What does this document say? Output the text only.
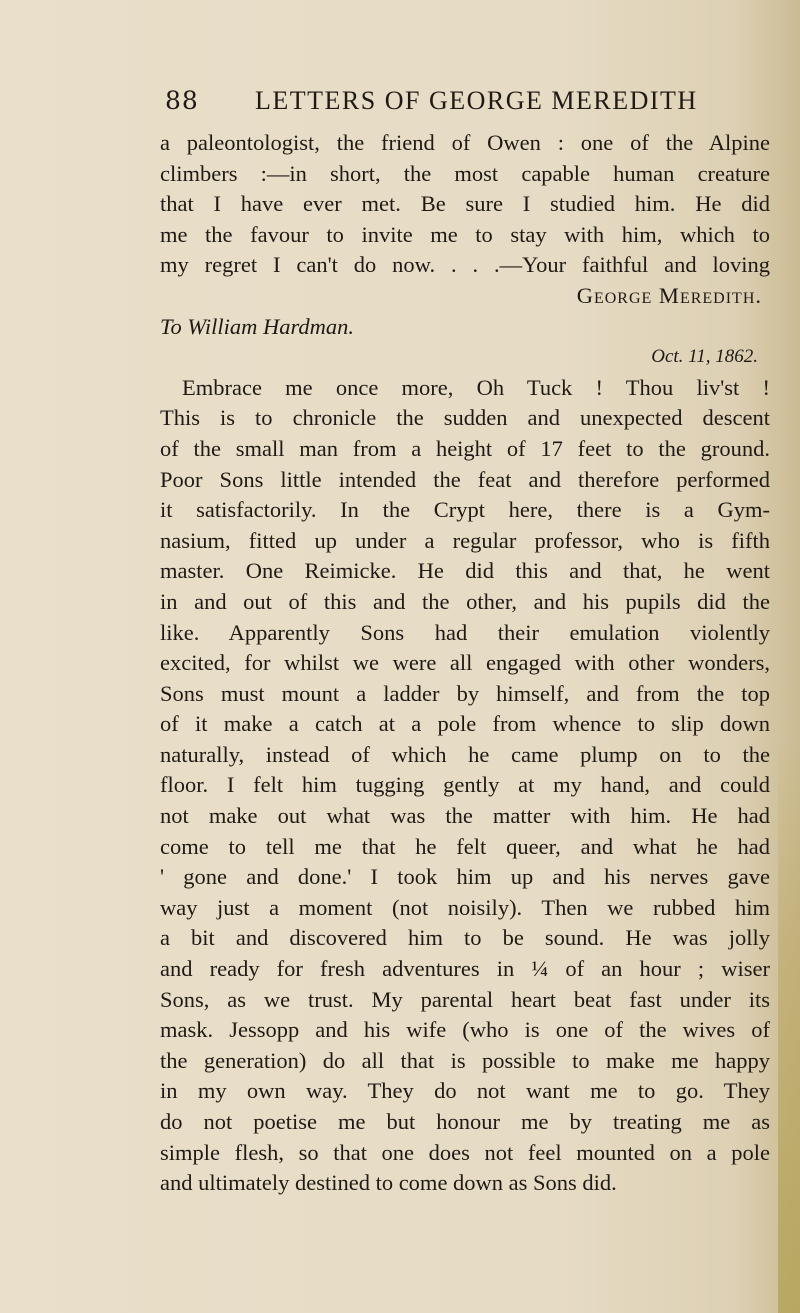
88 LETTERS OF GEORGE MEREDITH
a paleontologist, the friend of Owen : one of the Alpine
climbers :—in short, the most capable human creature
that I have ever met. Be sure I studied him. He did
me the favour to invite me to stay with him, which to
my regret I can't do now. . . .—Your faithful and loving
George Meredith.
To William Hardman.
Oct. 11, 1862.
Embrace me once more, Oh Tuck ! Thou liv'st !
This is to chronicle the sudden and unexpected descent
of the small man from a height of 17 feet to the ground.
Poor Sons little intended the feat and therefore performed
it satisfactorily. In the Crypt here, there is a Gym-
nasium, fitted up under a regular professor, who is fifth
master. One Reimicke. He did this and that, he went
in and out of this and the other, and his pupils did the
like. Apparently Sons had their emulation violently
excited, for whilst we were all engaged with other wonders,
Sons must mount a ladder by himself, and from the top
of it make a catch at a pole from whence to slip down
naturally, instead of which he came plump on to the
floor. I felt him tugging gently at my hand, and could
not make out what was the matter with him. He had
come to tell me that he felt queer, and what he had
' gone and done.' I took him up and his nerves gave
way just a moment (not noisily). Then we rubbed him
a bit and discovered him to be sound. He was jolly
and ready for fresh adventures in ¼ of an hour ; wiser
Sons, as we trust. My parental heart beat fast under its
mask. Jessopp and his wife (who is one of the wives of
the generation) do all that is possible to make me happy
in my own way. They do not want me to go. They
do not poetise me but honour me by treating me as
simple flesh, so that one does not feel mounted on a pole
and ultimately destined to come down as Sons did.
